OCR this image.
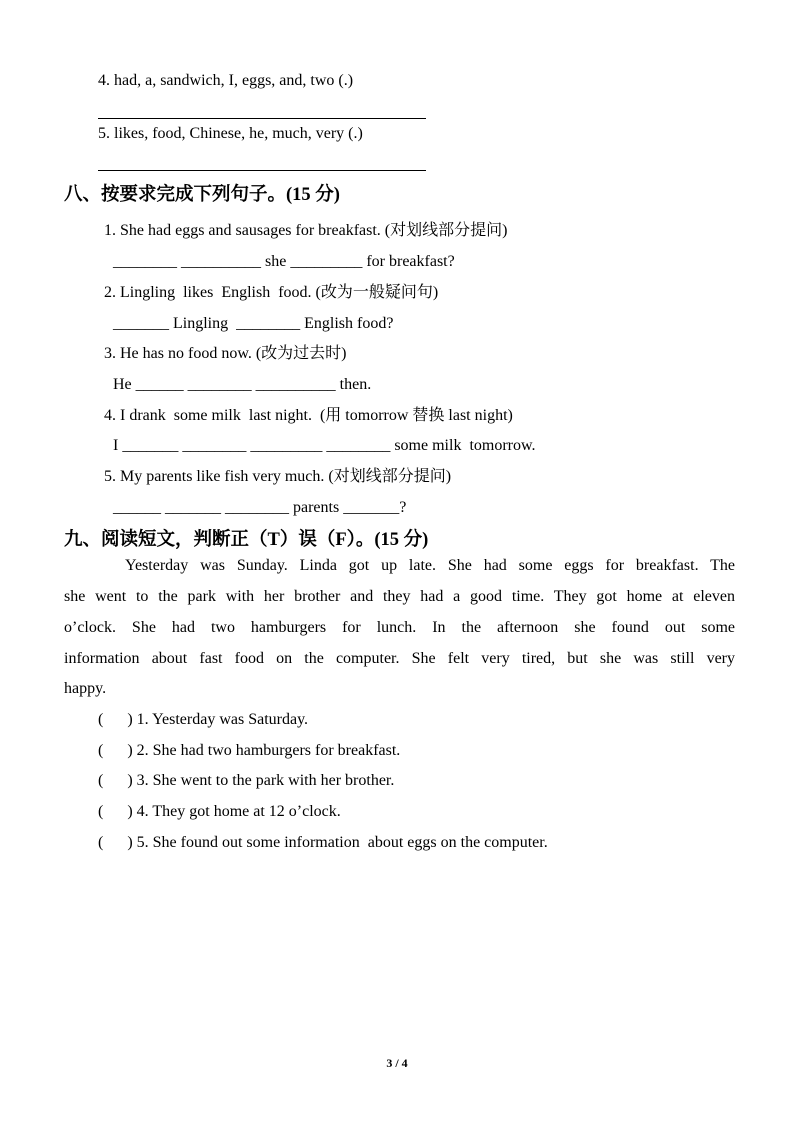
4. had, a, sandwich, I, eggs, and, two (.)
5. likes, food, Chinese, he, much, very (.)
八、按要求完成下列句子。(15 分)
1. She had eggs and sausages for breakfast. (对划线部分提问)
________ __________ she _________ for breakfast?
2. Lingling  likes  English  food. (改为一般疑问句)
_______ Lingling  ________ English food?
3. He has no food now. (改为过去时)
He ______ ________ __________ then.
4. I drank  some milk  last night.  (用 tomorrow 替换 last night)
I _______ ________ _________ ________ some milk  tomorrow.
5. My parents like fish very much. (对划线部分提问)
______ _______ ________ parents _______?
九、阅读短文，判断正（T）误（F）。(15 分)
Yesterday was Sunday. Linda got up late. She had some eggs for breakfast. The
she went to the park with her brother and they had a good time. They got home at eleven
o’clock. She had two hamburgers for lunch. In the afternoon she found out some
information about fast food on the computer. She felt very tired, but she was still very
happy.
(      ) 1. Yesterday was Saturday.
(      ) 2. She had two hamburgers for breakfast.
(      ) 3. She went to the park with her brother.
(      ) 4. They got home at 12 o’clock.
(      ) 5. She found out some information  about eggs on the computer.
3 / 4
